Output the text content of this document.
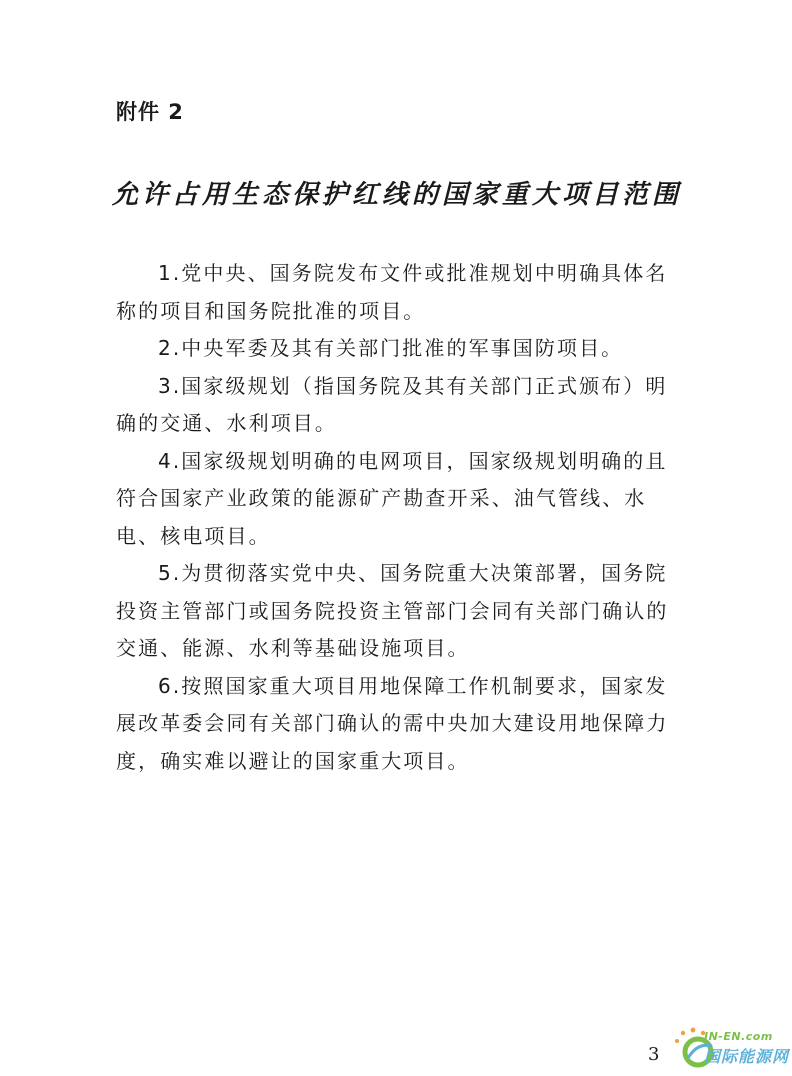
附件 2
允许占用生态保护红线的国家重大项目范围

1.党中央、国务院发布文件或批准规划中明确具体名称的项目和国务院批准的项目。

2.中央军委及其有关部门批准的军事国防项目。

3.国家级规划（指国务院及其有关部门正式颁布）明确的交通、水利项目。

4.国家级规划明确的电网项目，国家级规划明确的且符合国家产业政策的能源矿产勘查开采、油气管线、水电、核电项目。

5.为贯彻落实党中央、国务院重大决策部署，国务院投资主管部门或国务院投资主管部门会同有关部门确认的交通、能源、水利等基础设施项目。

6.按照国家重大项目用地保障工作机制要求，国家发展改革委会同有关部门确认的需中央加大建设用地保障力度，确实难以避让的国家重大项目。

3
IN-EN.com
国际能源网
